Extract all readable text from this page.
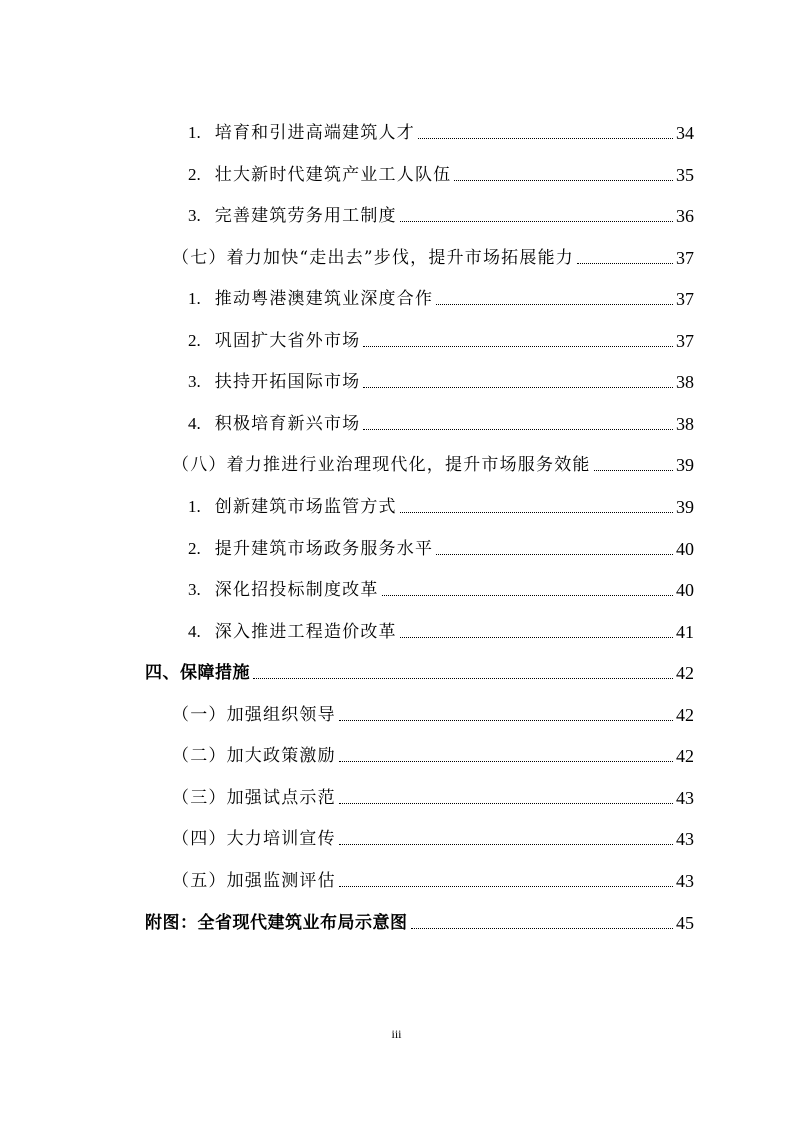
1. 培育和引进高端建筑人才	34
2. 壮大新时代建筑产业工人队伍	35
3. 完善建筑劳务用工制度	36
（七）着力加快“走出去”步伐，提升市场拓展能力	37
1. 推动粤港澳建筑业深度合作	37
2. 巩固扩大省外市场	37
3. 扶持开拓国际市场	38
4. 积极培育新兴市场	38
（八）着力推进行业治理现代化，提升市场服务效能	39
1. 创新建筑市场监管方式	39
2. 提升建筑市场政务服务水平	40
3. 深化招投标制度改革	40
4. 深入推进工程造价改革	41
四、保障措施	42
（一）加强组织领导	42
（二）加大政策激励	42
（三）加强试点示范	43
（四）大力培训宣传	43
（五）加强监测评估	43
附图：全省现代建筑业布局示意图	45
iii
